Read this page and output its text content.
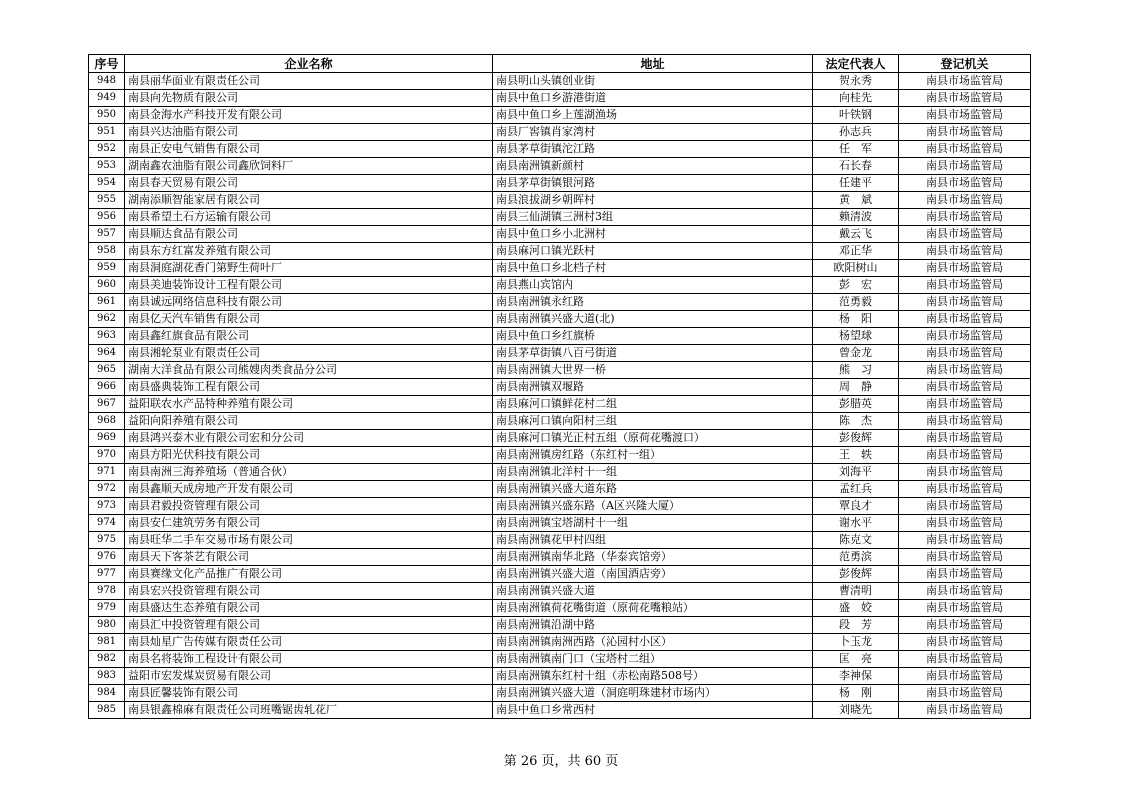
序号	企业名称	地址	法定代表人	登记机关
948	南县丽华面业有限责任公司	南县明山头镇创业街	贺永秀	南县市场监管局
949	南县向先物质有限公司	南县中鱼口乡游港街道	向桂先	南县市场监管局
950	南县金海水产科技开发有限公司	南县中鱼口乡上莲湖渔场	叶铁钢	南县市场监管局
951	南县兴达油脂有限公司	南县厂窖镇肖家湾村	孙志兵	南县市场监管局
952	南县正安电气销售有限公司	南县茅草街镇沱江路	任　军	南县市场监管局
953	湖南鑫农油脂有限公司鑫欣饲料厂	南县南洲镇新颜村	石长春	南县市场监管局
954	南县春天贸易有限公司	南县茅草街镇银河路	任建平	南县市场监管局
955	湖南添顺智能家居有限公司	南县浪拔湖乡朝晖村	黄　斌	南县市场监管局
956	南县希望土石方运输有限公司	南县三仙湖镇三洲村3组	赖清波	南县市场监管局
957	南县顺达食品有限公司	南县中鱼口乡小北洲村	戴云飞	南县市场监管局
958	南县东方红富发养殖有限公司	南县麻河口镇光跃村	邓正华	南县市场监管局
959	南县洞庭湖花香门第野生荷叶厂	南县中鱼口乡北档子村	欧阳树山	南县市场监管局
960	南县美迪装饰设计工程有限公司	南县燕山宾馆内	彭　宏	南县市场监管局
961	南县诚远网络信息科技有限公司	南县南洲镇永红路	范勇毅	南县市场监管局
962	南县亿天汽车销售有限公司	南县南洲镇兴盛大道(北)	杨　阳	南县市场监管局
963	南县鑫红旗食品有限公司	南县中鱼口乡红旗桥	杨望球	南县市场监管局
964	南县湘轮泵业有限责任公司	南县茅草街镇八百弓街道	曾金龙	南县市场监管局
965	湖南大洋食品有限公司熊嫂肉类食品分公司	南县南洲镇大世界一桥	熊　习	南县市场监管局
966	南县盛典装饰工程有限公司	南县南洲镇双堰路	周　静	南县市场监管局
967	益阳联农水产品特种养殖有限公司	南县麻河口镇鲜花村二组	彭腊英	南县市场监管局
968	益阳向阳养殖有限公司	南县麻河口镇向阳村三组	陈　杰	南县市场监管局
969	南县鸿兴泰木业有限公司宏和分公司	南县麻河口镇光正村五组（原荷花嘴渡口）	彭俊辉	南县市场监管局
970	南县方阳光伏科技有限公司	南县南洲镇房红路（东红村一组）	王　轶	南县市场监管局
971	南县南洲三海养殖场（普通合伙）	南县南洲镇北洋村十一组	刘海平	南县市场监管局
972	南县鑫顺天成房地产开发有限公司	南县南洲镇兴盛大道东路	孟红兵	南县市场监管局
973	南县君毅投资管理有限公司	南县南洲镇兴盛东路（A区兴隆大厦）	覃良才	南县市场监管局
974	南县安仁建筑劳务有限公司	南县南洲镇宝塔湖村十一组	谢水平	南县市场监管局
975	南县旺华二手车交易市场有限公司	南县南洲镇花甲村四组	陈克文	南县市场监管局
976	南县天下客茶艺有限公司	南县南洲镇南华北路（华泰宾馆旁）	范勇滨	南县市场监管局
977	南县赛缘文化产品推广有限公司	南县南洲镇兴盛大道（南国酒店旁）	彭俊辉	南县市场监管局
978	南县宏兴投资管理有限公司	南县南洲镇兴盛大道	曹清明	南县市场监管局
979	南县盛达生态养殖有限公司	南县南洲镇荷花嘴街道（原荷花嘴粮站）	盛　姣	南县市场监管局
980	南县汇中投资管理有限公司	南县南洲镇沿湖中路	段　芳	南县市场监管局
981	南县灿星广告传媒有限责任公司	南县南洲镇南洲西路（沁园村小区）	卜玉龙	南县市场监管局
982	南县名将装饰工程设计有限公司	南县南洲镇南门口（宝塔村二组）	匡　亮	南县市场监管局
983	益阳市宏发煤炭贸易有限公司	南县南洲镇东红村十组（赤松南路508号）	李神保	南县市场监管局
984	南县匠馨装饰有限公司	南县南洲镇兴盛大道（洞庭明珠建材市场内）	杨　刚	南县市场监管局
985	南县银鑫棉麻有限责任公司班嘴锯齿轧花厂	南县中鱼口乡常西村	刘晓先	南县市场监管局
第 26 页，共 60 页
